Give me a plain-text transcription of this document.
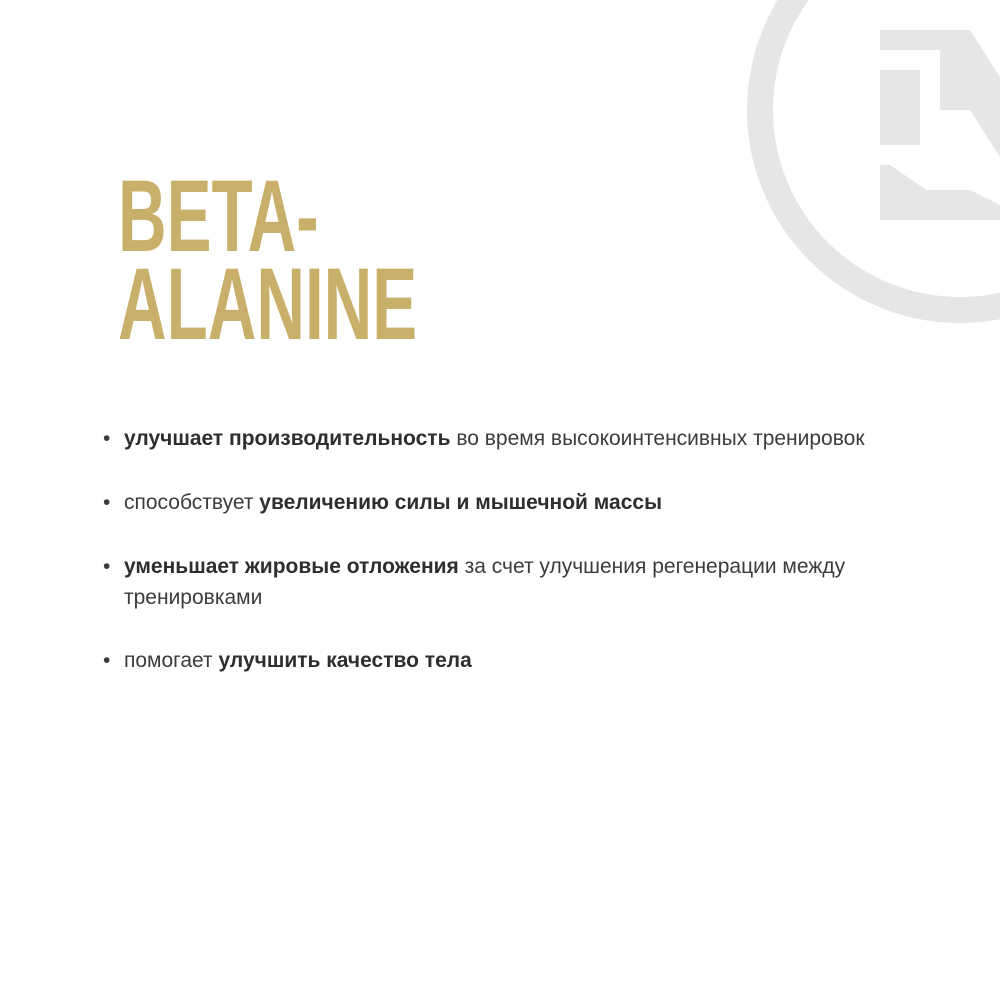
BETA-
ALANINE
• улучшает производительность во время высокоинтенсивных тренировок
• способствует увеличению силы и мышечной массы
• уменьшает жировые отложения за счет улучшения регенерации между тренировками
• помогает улучшить качество тела
